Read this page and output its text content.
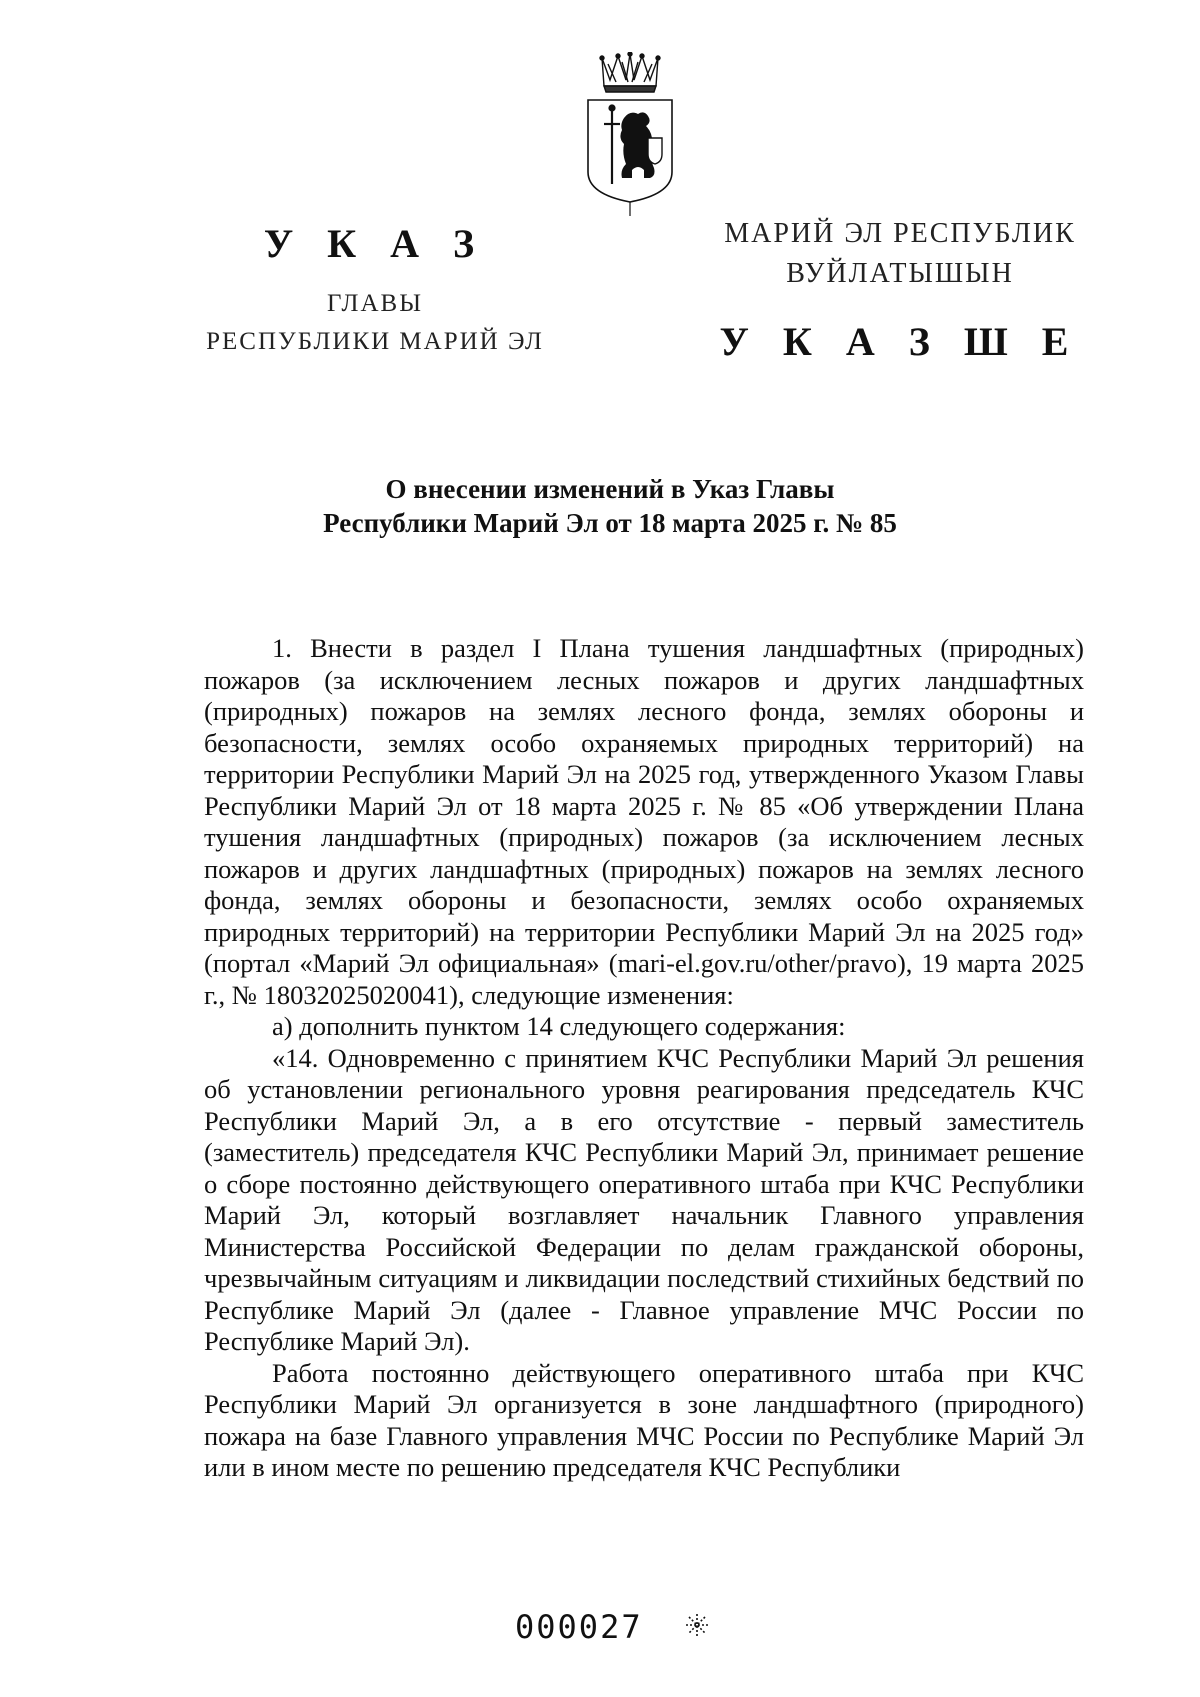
У К А З
ГЛАВЫ
РЕСПУБЛИКИ МАРИЙ ЭЛ
МАРИЙ ЭЛ РЕСПУБЛИК
ВУЙЛАТЫШЫН
У К А З Ш Е
О внесении изменений в Указ Главы
Республики Марий Эл от 18 марта 2025 г. № 85

1. Внести в раздел I Плана тушения ландшафтных (природных) пожаров (за исключением лесных пожаров и других ландшафтных (природных) пожаров на землях лесного фонда, землях обороны и безопасности, землях особо охраняемых природных территорий) на территории Республики Марий Эл на 2025 год, утвержденного Указом Главы Республики Марий Эл от 18 марта 2025 г. № 85 «Об утверждении Плана тушения ландшафтных (природных) пожаров (за исключением лесных пожаров и других ландшафтных (природных) пожаров на землях лесного фонда, землях обороны и безопасности, землях особо охраняемых природных территорий) на территории Республики Марий Эл на 2025 год» (портал «Марий Эл официальная» (mari-el.gov.ru/other/pravo), 19 марта 2025 г., № 18032025020041), следующие изменения:

а) дополнить пунктом 14 следующего содержания:

«14. Одновременно с принятием КЧС Республики Марий Эл решения об установлении регионального уровня реагирования председатель КЧС Республики Марий Эл, а в его отсутствие - первый заместитель (заместитель) председателя КЧС Республики Марий Эл, принимает решение о сборе постоянно действующего оперативного штаба при КЧС Республики Марий Эл, который возглавляет начальник Главного управления Министерства Российской Федерации по делам гражданской обороны, чрезвычайным ситуациям и ликвидации последствий стихийных бедствий по Республике Марий Эл (далее - Главное управление МЧС России по Республике Марий Эл).

Работа постоянно действующего оперативного штаба при КЧС Республики Марий Эл организуется в зоне ландшафтного (природного) пожара на базе Главного управления МЧС России по Республике Марий Эл или в ином месте по решению председателя КЧС Республики

000027
